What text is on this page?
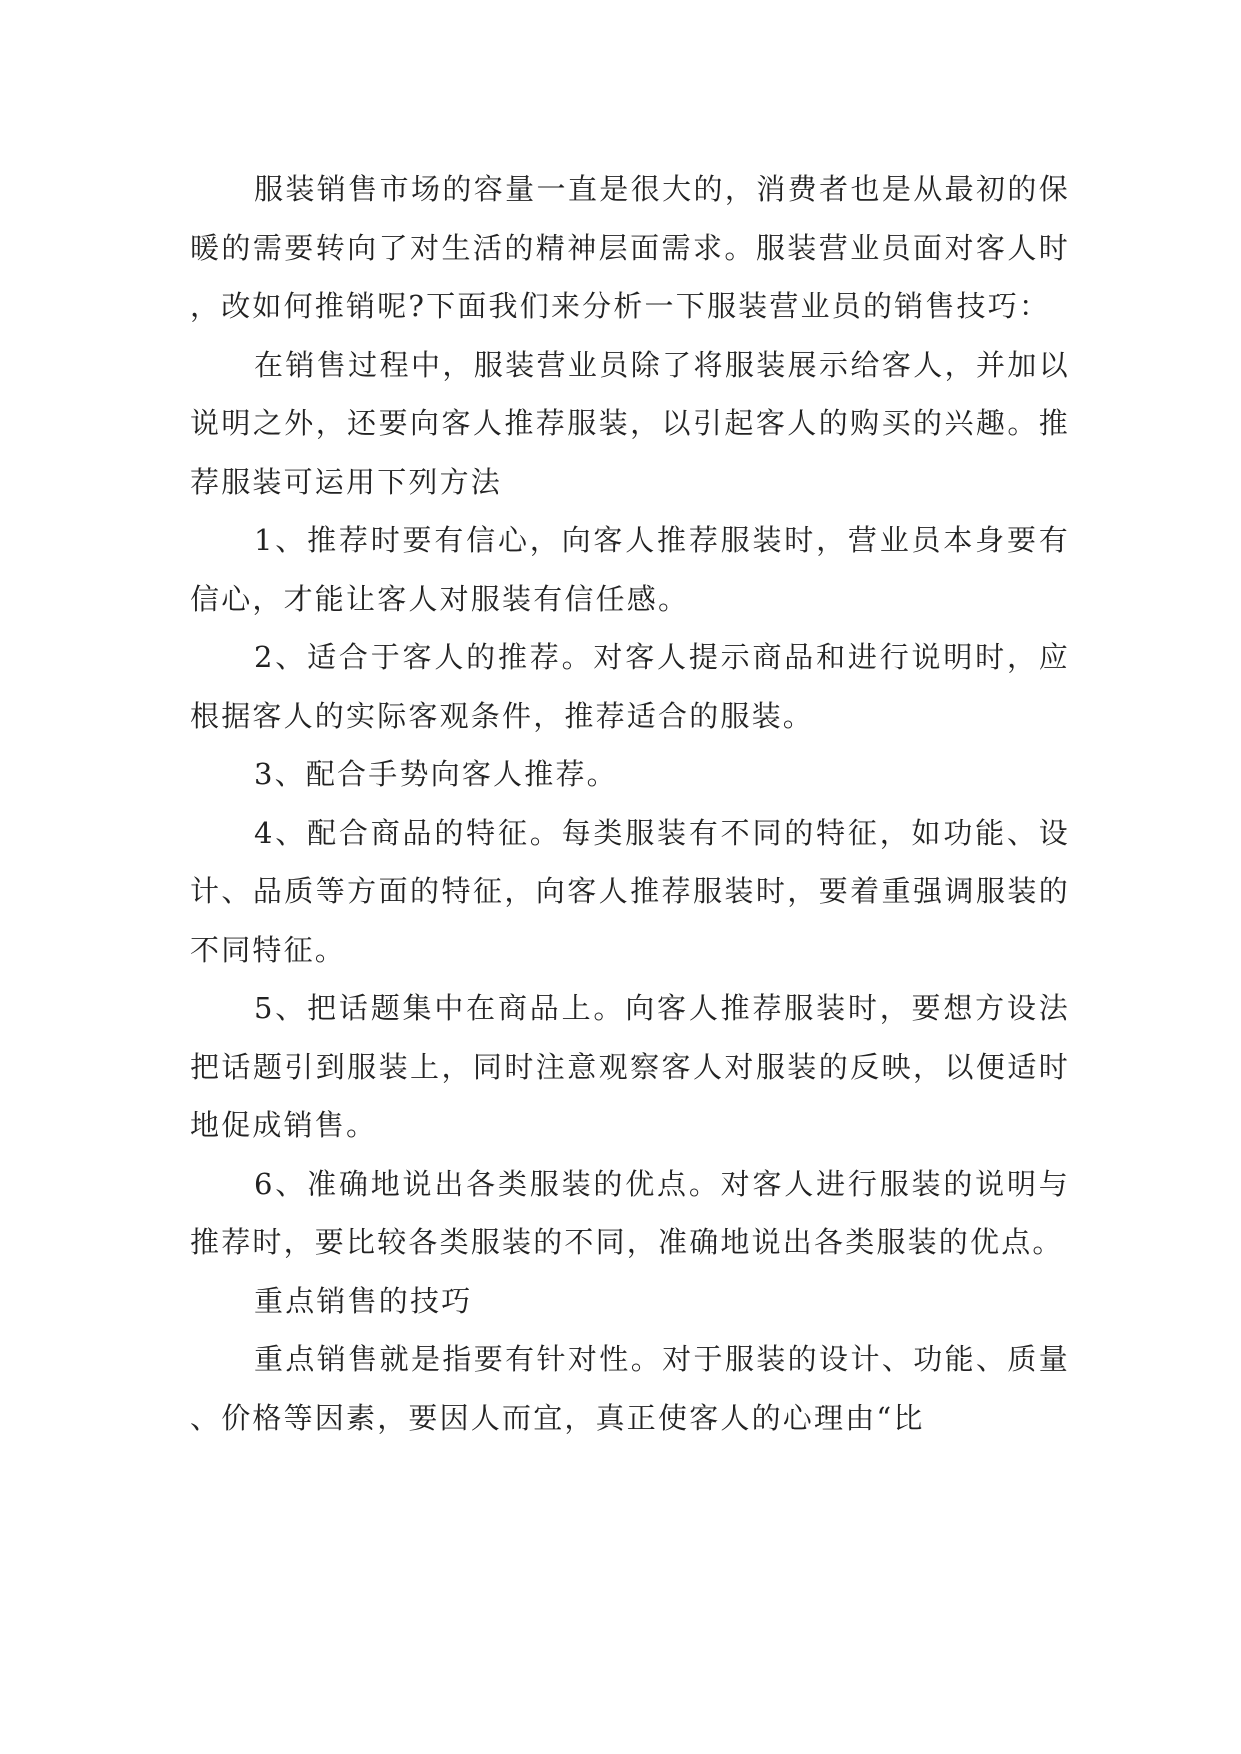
服装销售市场的容量一直是很大的，消费者也是从最初的保暖的需要转向了对生活的精神层面需求。服装营业员面对客人时，改如何推销呢?下面我们来分析一下服装营业员的销售技巧：

在销售过程中，服装营业员除了将服装展示给客人，并加以说明之外，还要向客人推荐服装，以引起客人的购买的兴趣。推荐服装可运用下列方法

1、推荐时要有信心，向客人推荐服装时，营业员本身要有信心，才能让客人对服装有信任感。

2、适合于客人的推荐。对客人提示商品和进行说明时，应根据客人的实际客观条件，推荐适合的服装。

3、配合手势向客人推荐。

4、配合商品的特征。每类服装有不同的特征，如功能、设计、品质等方面的特征，向客人推荐服装时，要着重强调服装的不同特征。

5、把话题集中在商品上。向客人推荐服装时，要想方设法把话题引到服装上，同时注意观察客人对服装的反映，以便适时地促成销售。

6、准确地说出各类服装的优点。对客人进行服装的说明与推荐时，要比较各类服装的不同，准确地说出各类服装的优点。

重点销售的技巧

重点销售就是指要有针对性。对于服装的设计、功能、质量、价格等因素，要因人而宜，真正使客人的心理由“比
